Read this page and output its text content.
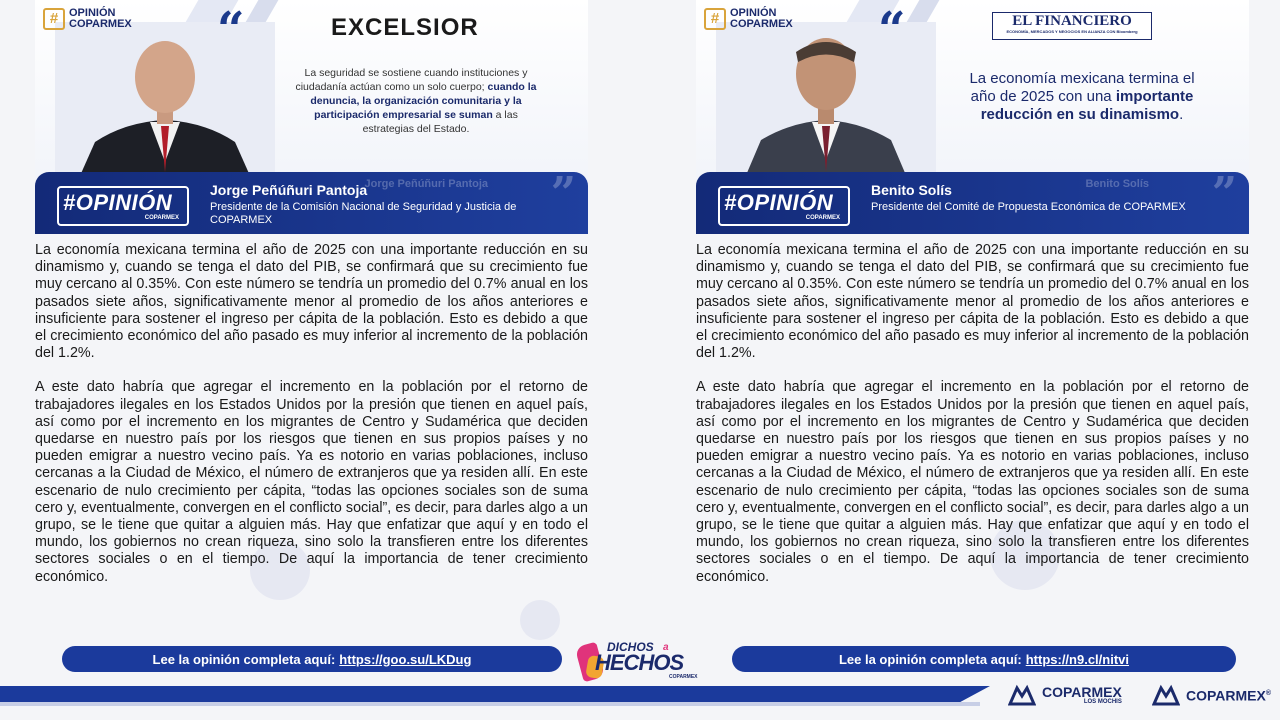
# OPINIÓN COPARMEX “	EXCELSIOR
La seguridad se sostiene cuando instituciones y ciudadanía actúan como un solo cuerpo; cuando la denuncia, la organización comunitaria y la participación empresarial se suman a las estrategias del Estado.
Jorge Peñúñuri Pantoja ”
#OPINIÓN
COPARMEX
Jorge Peñúñuri Pantoja
Presidente de la Comisión Nacional de Seguridad y Justicia de COPARMEX

La economía mexicana termina el año de 2025 con una importante reducción en su dinamismo y, cuando se tenga el dato del PIB, se confirmará que su crecimiento fue muy cercano al 0.35%. Con este número se tendría un promedio del 0.7% anual en los pasados siete años, significativamente menor al promedio de los años anteriores e insuficiente para sostener el ingreso per cápita de la población. Esto es debido a que el crecimiento económico del año pasado es muy inferior al incremento de la población del 1.2%.

A este dato habría que agregar el incremento en la población por el retorno de trabajadores ilegales en los Estados Unidos por la presión que tienen en aquel país, así como por el incremento en los migrantes de Centro y Sudamérica que deciden quedarse en nuestro país por los riesgos que tienen en sus propios países y no pueden emigrar a nuestro vecino país. Ya es notorio en varias poblaciones, incluso cercanas a la Ciudad de México, el número de extranjeros que ya residen allí. En este escenario de nulo crecimiento per cápita, “todas las opciones sociales son de suma cero y, eventualmente, convergen en el conflicto social”, es decir, para darles algo a un grupo, se le tiene que quitar a alguien más. Hay que enfatizar que aquí y en todo el mundo, los gobiernos no crean riqueza, sino solo la transfieren entre los diferentes sectores sociales o en el tiempo. De aquí la importancia de tener crecimiento económico.

# OPINIÓN COPARMEX “	EL FINANCIERO
ECONOMÍA, MERCADOS Y NEGOCIOS EN ALIANZA CON Bloomberg
La economía mexicana termina el año de 2025 con una importante reducción en su dinamismo.
Benito Solís ”
#OPINIÓN
COPARMEX
Benito Solís
Presidente del Comité de Propuesta Económica de COPARMEX

La economía mexicana termina el año de 2025 con una importante reducción en su dinamismo y, cuando se tenga el dato del PIB, se confirmará que su crecimiento fue muy cercano al 0.35%. Con este número se tendría un promedio del 0.7% anual en los pasados siete años, significativamente menor al promedio de los años anteriores e insuficiente para sostener el ingreso per cápita de la población. Esto es debido a que el crecimiento económico del año pasado es muy inferior al incremento de la población del 1.2%.

A este dato habría que agregar el incremento en la población por el retorno de trabajadores ilegales en los Estados Unidos por la presión que tienen en aquel país, así como por el incremento en los migrantes de Centro y Sudamérica que deciden quedarse en nuestro país por los riesgos que tienen en sus propios países y no pueden emigrar a nuestro vecino país. Ya es notorio en varias poblaciones, incluso cercanas a la Ciudad de México, el número de extranjeros que ya residen allí. En este escenario de nulo crecimiento per cápita, “todas las opciones sociales son de suma cero y, eventualmente, convergen en el conflicto social”, es decir, para darles algo a un grupo, se le tiene que quitar a alguien más. Hay que enfatizar que aquí y en todo el mundo, los gobiernos no crean riqueza, sino solo la transfieren entre los diferentes sectores sociales o en el tiempo. De aquí la importancia de tener crecimiento económico.

Lee la opinión completa aquí: https://goo.su/LKDug	Lee la opinión completa aquí: https://n9.cl/nitvi
DICHOS a
HECHOS
COPARMEX
COPARMEX
LOS MOCHIS	COPARMEX®
